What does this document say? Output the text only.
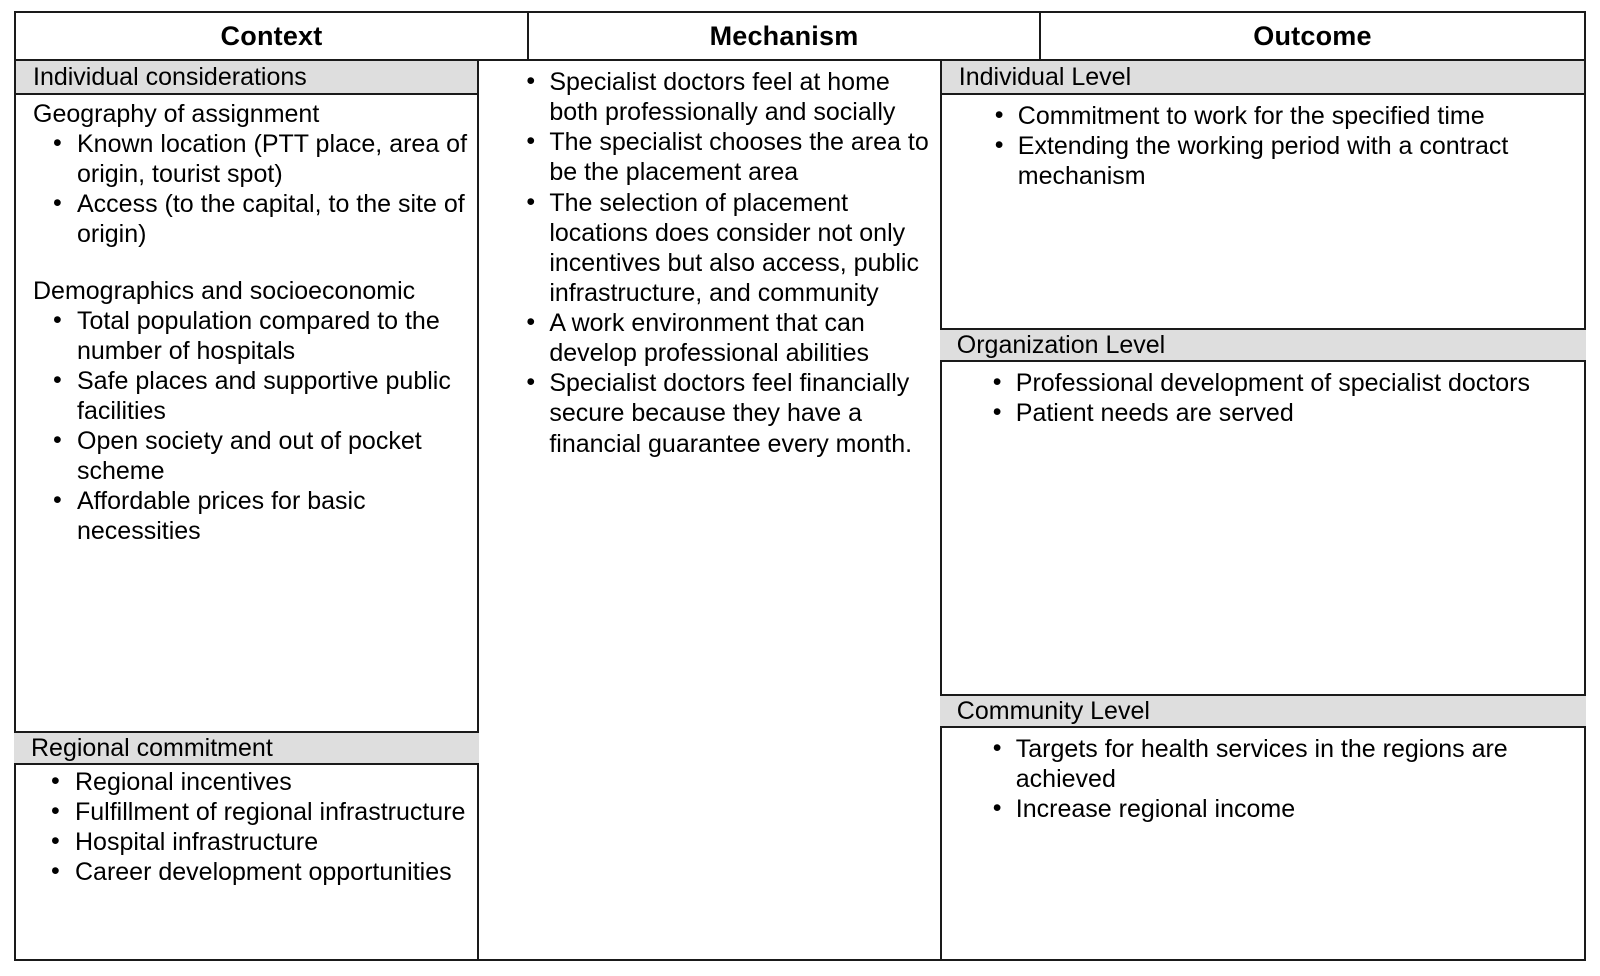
Context	Mechanism	Outcome
Individual considerations
Geography of assignment
• Known location (PTT place, area of origin, tourist spot)
• Access (to the capital, to the site of origin)
Demographics and socioeconomic
• Total population compared to the number of hospitals
• Safe places and supportive public facilities
• Open society and out of pocket scheme
• Affordable prices for basic necessities
Regional commitment
• Regional incentives
• Fulfillment of regional infrastructure
• Hospital infrastructure
• Career development opportunities
• Specialist doctors feel at home both professionally and socially
• The specialist chooses the area to be the placement area
• The selection of placement locations does consider not only incentives but also access, public infrastructure, and community
• A work environment that can develop professional abilities
• Specialist doctors feel financially secure because they have a financial guarantee every month.
Individual Level
• Commitment to work for the specified time
• Extending the working period with a contract mechanism
Organization Level
• Professional development of specialist doctors
• Patient needs are served
Community Level
• Targets for health services in the regions are achieved
• Increase regional income
